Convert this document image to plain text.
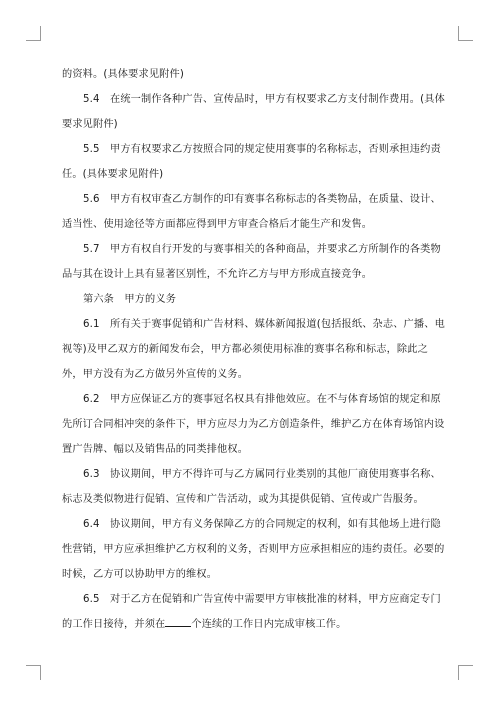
的资料。(具体要求见附件)

5.4　在统一制作各种广告、宣传品时，甲方有权要求乙方支付制作费用。(具体要求见附件)

5.5　甲方有权要求乙方按照合同的规定使用赛事的名称标志，否则承担违约责任。(具体要求见附件)

5.6　甲方有权审查乙方制作的印有赛事名称标志的各类物品，在质量、设计、适当性、使用途径等方面都应得到甲方审查合格后才能生产和发售。

5.7　甲方有权自行开发的与赛事相关的各种商品，并要求乙方所制作的各类物品与其在设计上具有显著区别性，不允许乙方与甲方形成直接竞争。

第六条　甲方的义务

6.1　所有关于赛事促销和广告材料、媒体新闻报道(包括报纸、杂志、广播、电视等)及甲乙双方的新闻发布会，甲方都必须使用标准的赛事名称和标志，除此之外，甲方没有为乙方做另外宣传的义务。

6.2　甲方应保证乙方的赛事冠名权具有排他效应。在不与体育场馆的规定和原先所订合同相冲突的条件下，甲方应尽力为乙方创造条件，维护乙方在体育场馆内设置广告牌、幅以及销售品的同类排他权。

6.3　协议期间，甲方不得许可与乙方属同行业类别的其他厂商使用赛事名称、标志及类似物进行促销、宣传和广告活动，或为其提供促销、宣传或广告服务。

6.4　协议期间，甲方有义务保障乙方的合同规定的权利，如有其他场上进行隐性营销，甲方应承担维护乙方权利的义务，否则甲方应承担相应的违约责任。必要的时候，乙方可以协助甲方的维权。

6.5　对于乙方在促销和广告宣传中需要甲方审核批准的材料，甲方应商定专门的工作日接待，并须在	个连续的工作日内完成审核工作。
